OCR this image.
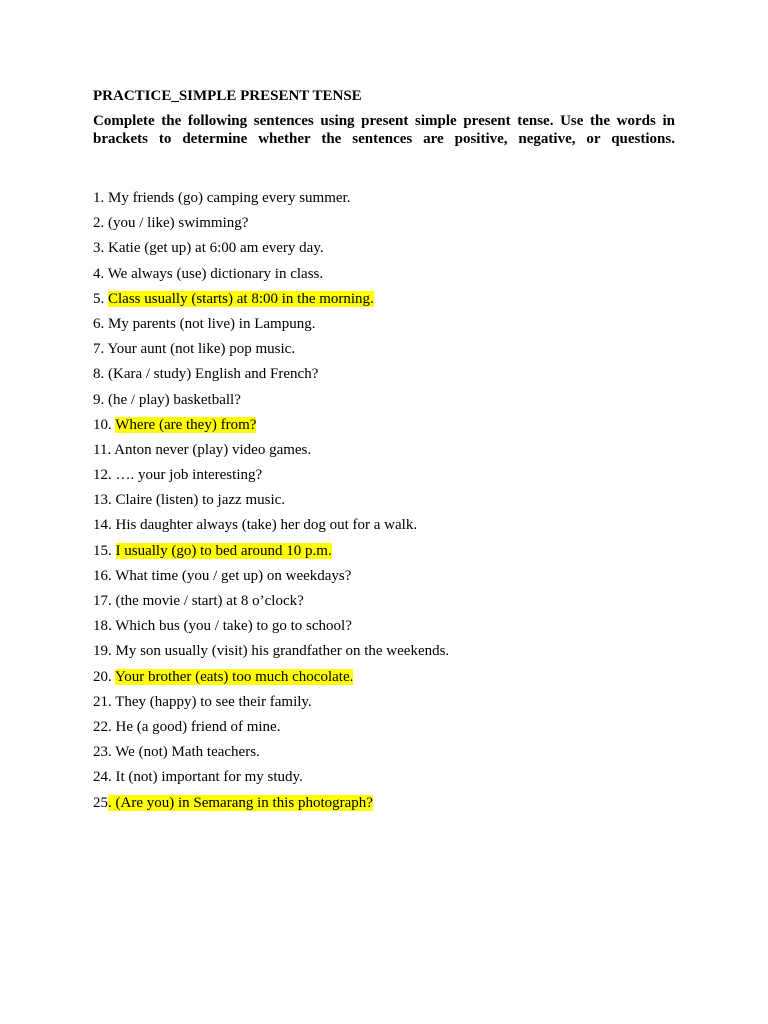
PRACTICE_SIMPLE PRESENT TENSE

Complete the following sentences using present simple present tense. Use the words in brackets to determine whether the sentences are positive, negative, or questions.

1. My friends (go) camping every summer.
2. (you / like) swimming?
3. Katie (get up) at 6:00 am every day.
4. We always (use) dictionary in class.
5. Class usually (starts) at 8:00 in the morning.
6. My parents (not live) in Lampung.
7. Your aunt (not like) pop music.
8. (Kara / study) English and French?
9. (he / play) basketball?
10. Where (are they) from?
11. Anton never (play) video games.
12. …. your job interesting?
13. Claire (listen) to jazz music.
14. His daughter always (take) her dog out for a walk.
15. I usually (go) to bed around 10 p.m.
16. What time (you / get up) on weekdays?
17. (the movie / start) at 8 o’clock?
18. Which bus (you / take) to go to school?
19. My son usually (visit) his grandfather on the weekends.
20. Your brother (eats) too much chocolate.
21. They (happy) to see their family.
22. He (a good) friend of mine.
23. We (not) Math teachers.
24. It (not) important for my study.
25. (Are you) in Semarang in this photograph?
